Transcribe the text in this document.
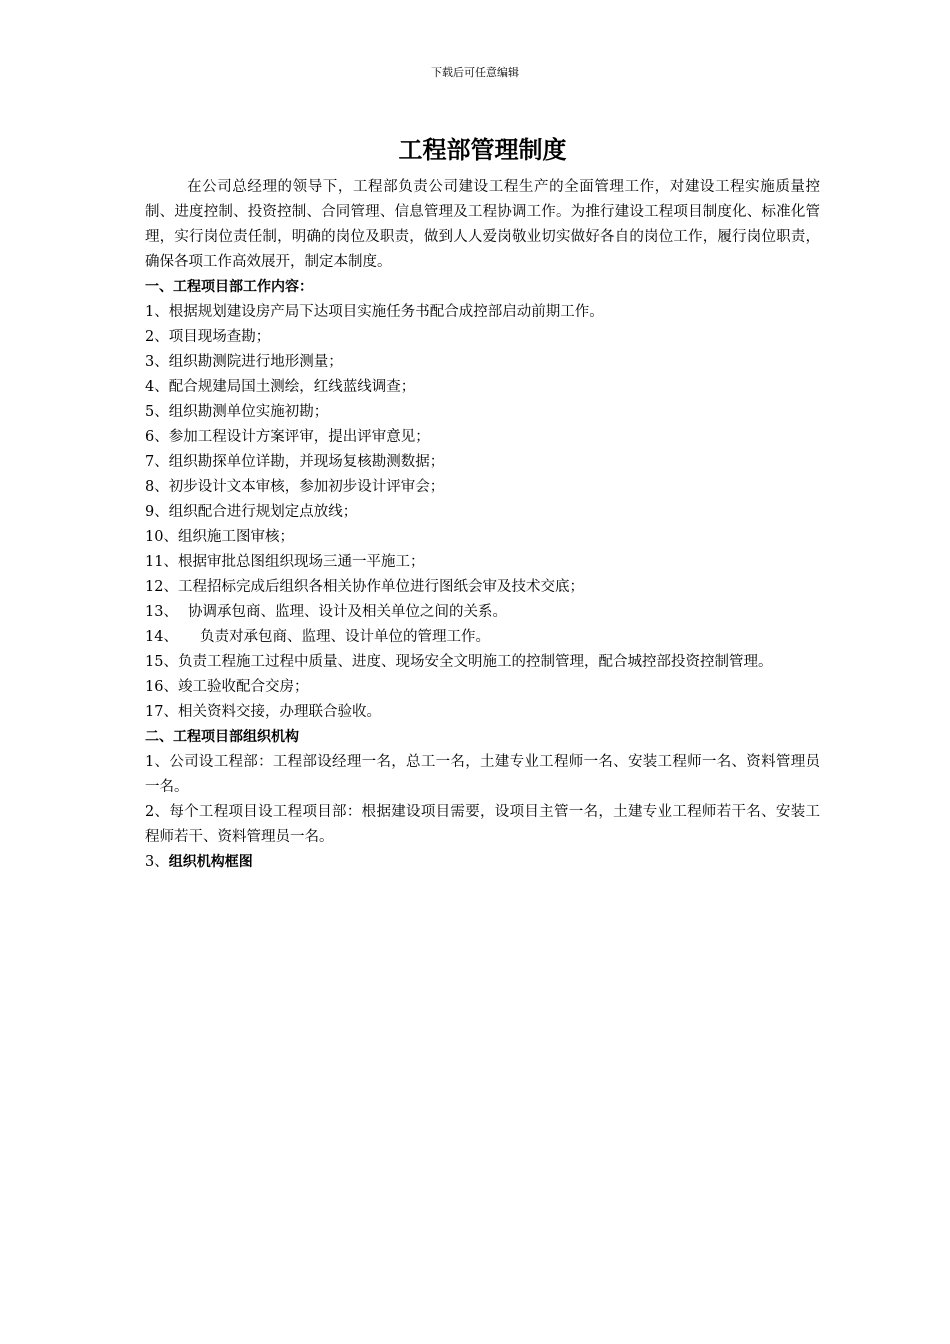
下载后可任意编辑
工程部管理制度

在公司总经理的领导下，工程部负责公司建设工程生产的全面管理工作，对建设工程实施质量控制、进度控制、投资控制、合同管理、信息管理及工程协调工作。为推行建设工程项目制度化、标准化管理，实行岗位责任制，明确的岗位及职责，做到人人爱岗敬业切实做好各自的岗位工作，履行岗位职责，确保各项工作高效展开，制定本制度。

一、工程项目部工作内容：

1、根据规划建设房产局下达项目实施任务书配合成控部启动前期工作。

2、项目现场查勘；

3、组织勘测院进行地形测量；

4、配合规建局国土测绘，红线蓝线调查；

5、组织勘测单位实施初勘；

6、参加工程设计方案评审，提出评审意见；

7、组织勘探单位详勘，并现场复核勘测数据；

8、初步设计文本审核，参加初步设计评审会；

9、组织配合进行规划定点放线；

10、组织施工图审核；

11、根据审批总图组织现场三通一平施工；

12、工程招标完成后组织各相关协作单位进行图纸会审及技术交底；

13、 协调承包商、监理、设计及相关单位之间的关系。

14、 负责对承包商、监理、设计单位的管理工作。

15、负责工程施工过程中质量、进度、现场安全文明施工的控制管理，配合城控部投资控制管理。

16、竣工验收配合交房；

17、相关资料交接，办理联合验收。

二、工程项目部组织机构

1、公司设工程部：工程部设经理一名，总工一名，土建专业工程师一名、安装工程师一名、资料管理员一名。

2、每个工程项目设工程项目部：根据建设项目需要，设项目主管一名，土建专业工程师若干名、安装工程师若干、资料管理员一名。

3、组织机构框图
